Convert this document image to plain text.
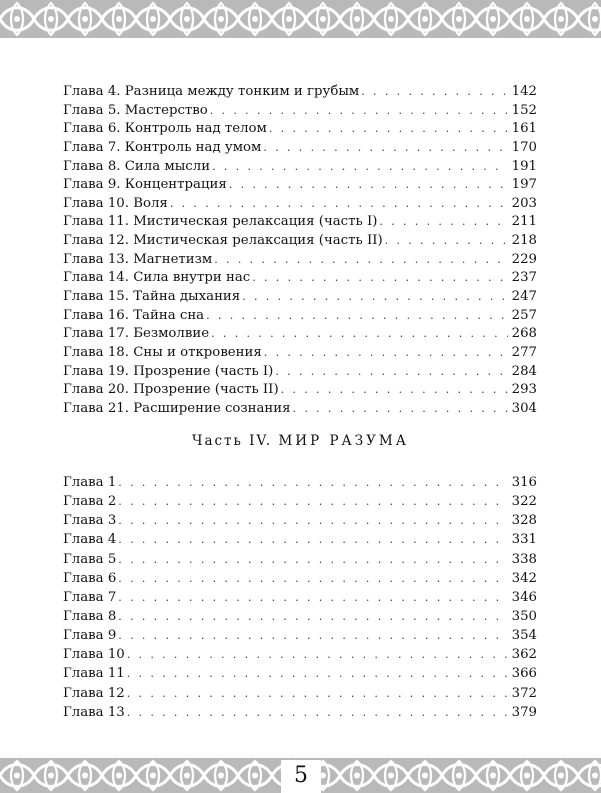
Глава 4. Разница между тонким и грубым . . .	142
Глава 5. Мастерство . . .	152
Глава 6. Контроль над телом . . .	161
Глава 7. Контроль над умом . . .	170
Глава 8. Сила мысли . . .	191
Глава 9. Концентрация . . .	197
Глава 10. Воля . . .	203
Глава 11. Мистическая релаксация (часть I) . . .	211
Глава 12. Мистическая релаксация (часть II) . . .	218
Глава 13. Магнетизм . . .	229
Глава 14. Сила внутри нас . . .	237
Глава 15. Тайна дыхания . . .	247
Глава 16. Тайна сна . . .	257
Глава 17. Безмолвие . . .	268
Глава 18. Сны и откровения . . .	277
Глава 19. Прозрение (часть I) . . .	284
Глава 20. Прозрение (часть II) . . .	293
Глава 21. Расширение сознания . . .	304
Часть IV. МИР РАЗУМА
Глава 1 . . .	316
Глава 2 . . .	322
Глава 3 . . .	328
Глава 4 . . .	331
Глава 5 . . .	338
Глава 6 . . .	342
Глава 7 . . .	346
Глава 8 . . .	350
Глава 9 . . .	354
Глава 10 . . .	362
Глава 11 . . .	366
Глава 12 . . .	372
Глава 13 . . .	379
5
